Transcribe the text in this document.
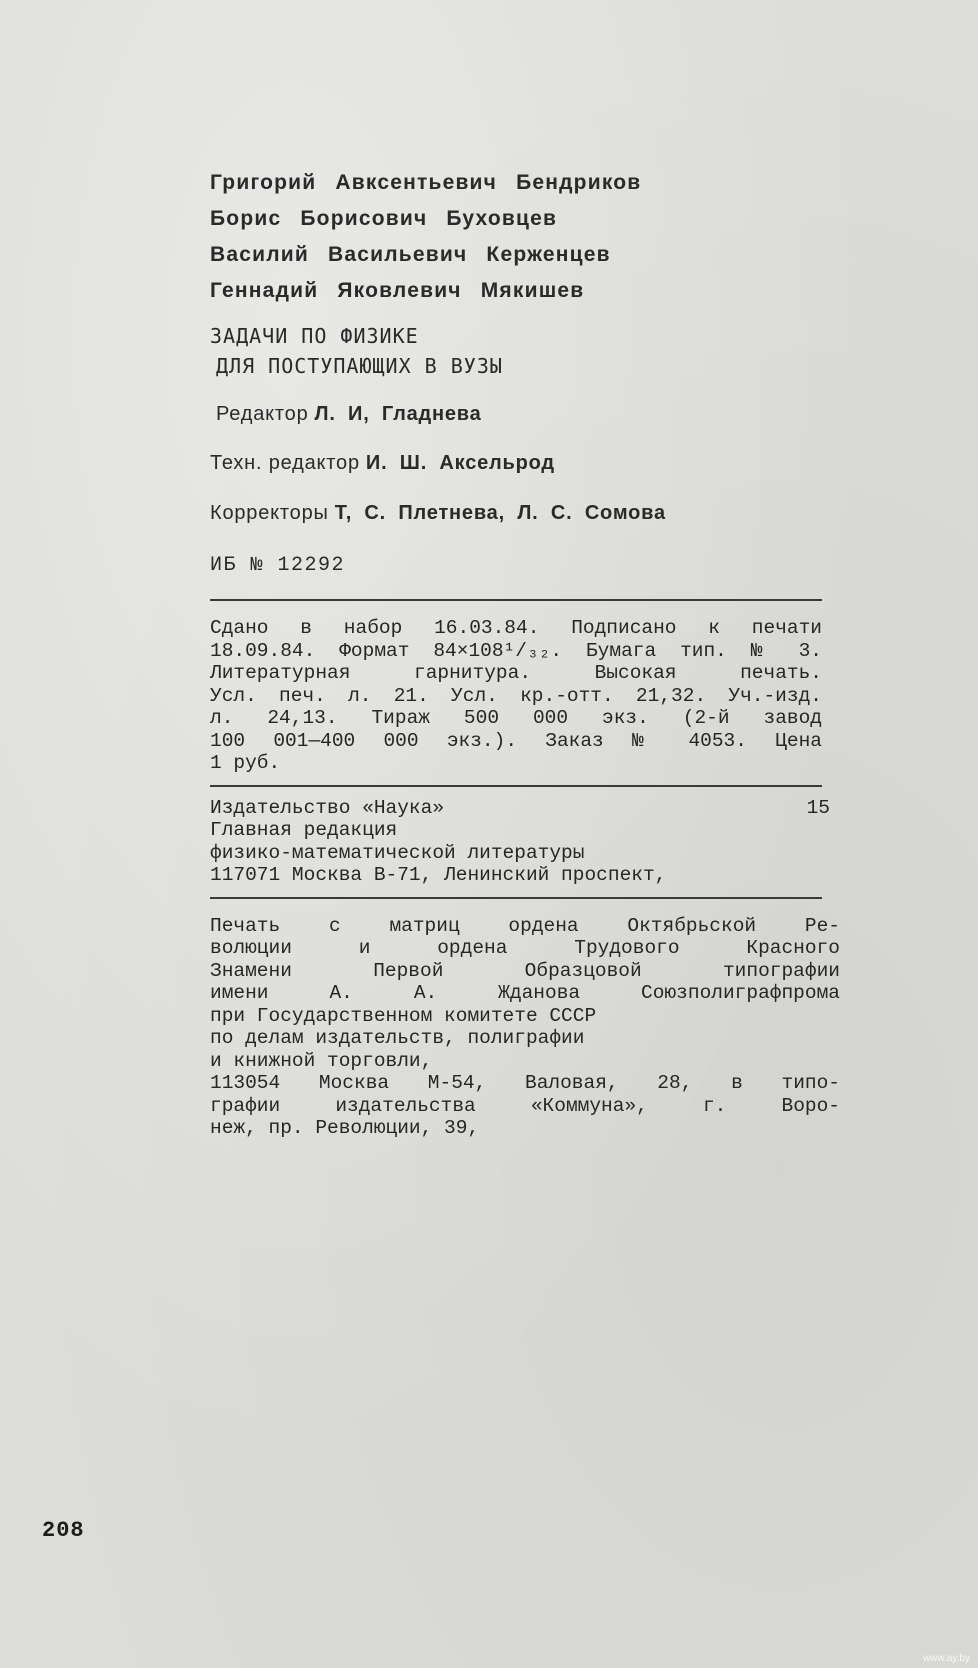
Григорий Авксентьевич Бендриков

Борис Борисович Буховцев

Василий Васильевич Керженцев

Геннадий Яковлевич Мякишев

ЗАДАЧИ ПО ФИЗИКЕ

ДЛЯ ПОСТУПАЮЩИХ В ВУЗЫ

Редактор Л. И, Гладнева

Техн. редактор И. Ш. Аксельрод

Корректоры Т, С. Плетнева, Л. С. Сомова

ИБ № 12292

Сдано в набор 16.03.84. Подписано к печати
18.09.84. Формат 84×108¹/₃₂. Бумага тип. № 3.
Литературная гарнитура. Высокая печать.
Усл. печ. л. 21. Усл. кр.-отт. 21,32. Уч.-изд.
л. 24,13. Тираж 500 000 экз. (2-й завод
100 001—400 000 экз.). Заказ № 4053. Цена
1 руб.
15
Издательство «Наука»
Главная редакция
физико-математической литературы
117071 Москва В-71, Ленинский проспект,
Печать с матриц ордена Октябрьской Ре-
волюции и ордена Трудового Красного
Знамени Первой Образцовой типографии
имени А. А. Жданова Союзполиграфпрома
при Государственном комитете СССР
по делам издательств, полиграфии
и книжной торговли,
113054 Москва М-54, Валовая, 28, в типо-
графии издательства «Коммуна», г. Воро-
неж, пр. Революции, 39,
208
www.ay.by
